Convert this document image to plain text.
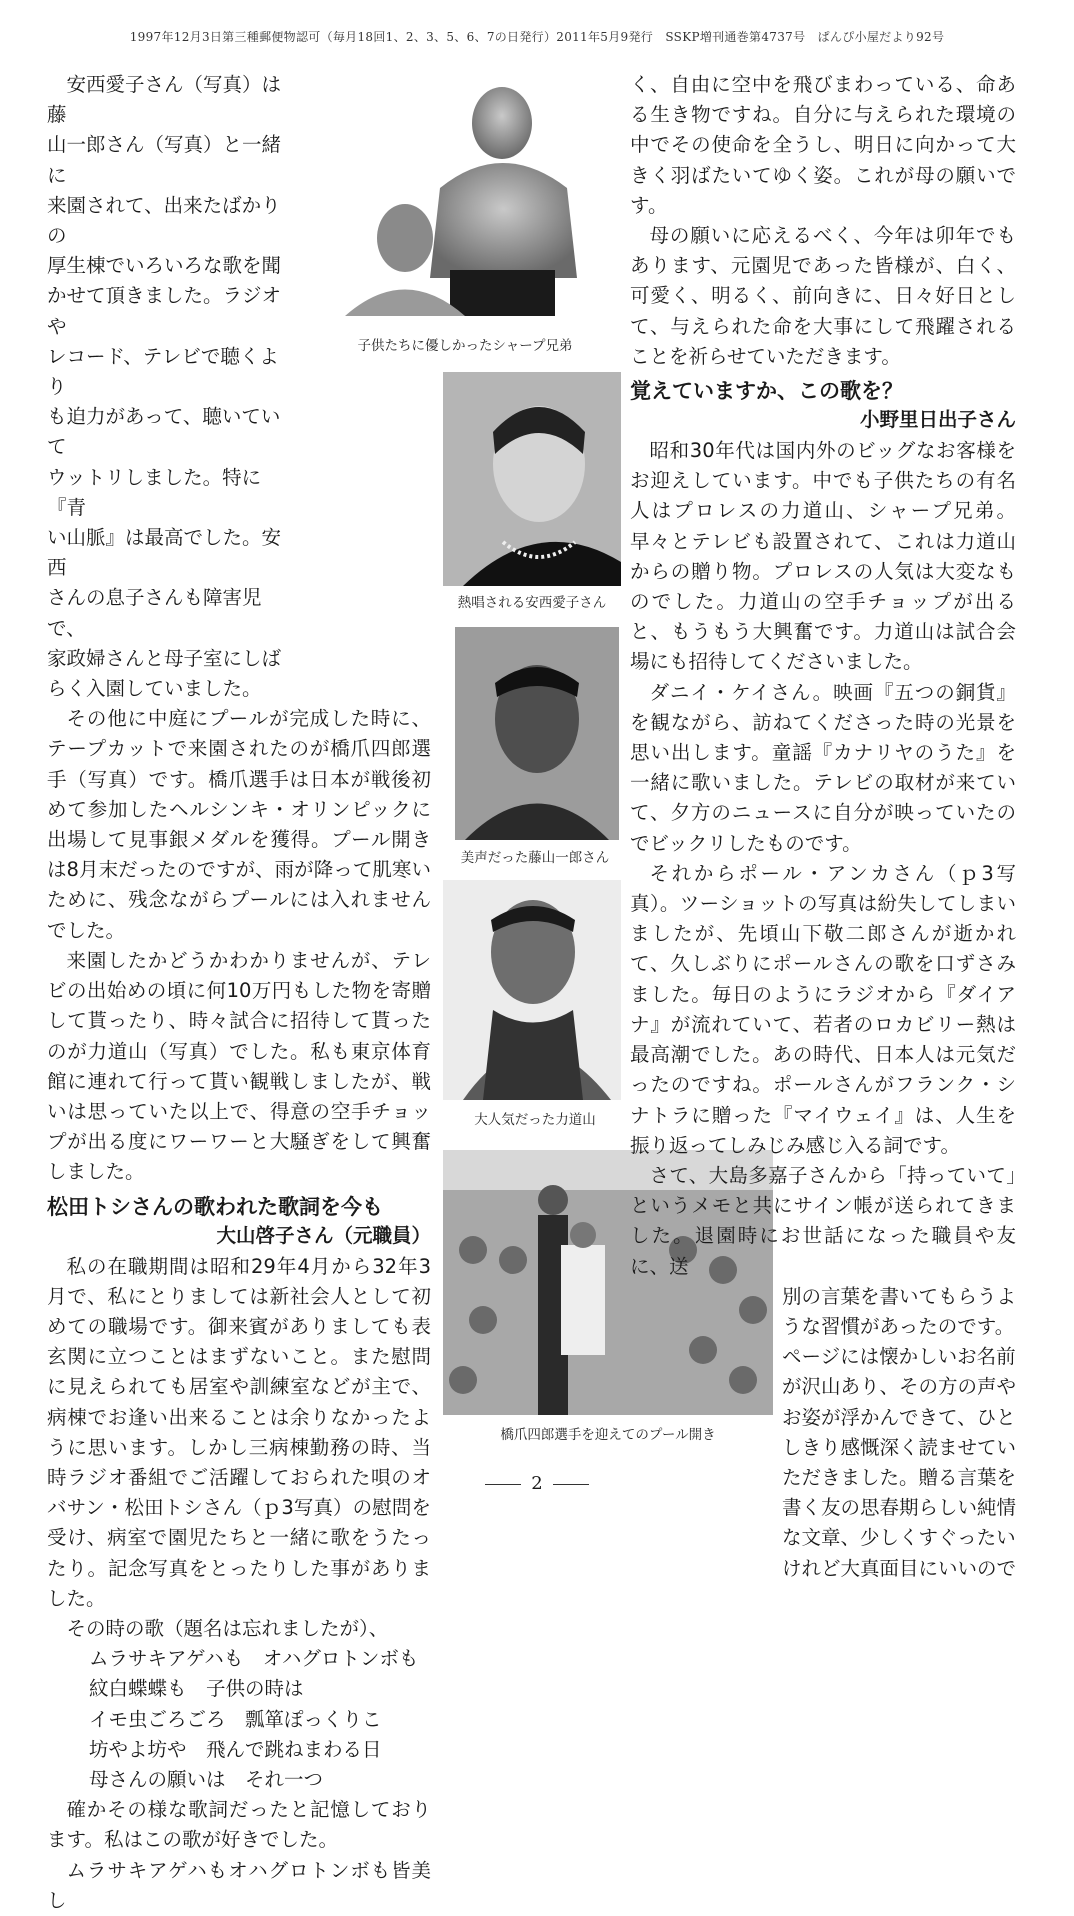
1997年12月3日第三種郵便物認可（毎月18回1、2、3、5、6、7の日発行）2011年5月9発行　SSKP増刊通巻第4737号　ぱんぴ小屋だより92号
安西愛子さん（写真）は藤
山一郎さん（写真）と一緒に
来園されて、出来たばかりの
厚生棟でいろいろな歌を聞
かせて頂きました。ラジオや
レコード、テレビで聴くより
も迫力があって、聴いていて
ウットリしました。特に『青
い山脈』は最高でした。安西
さんの息子さんも障害児で、
家政婦さんと母子室にしば
らく入園していました。

その他に中庭にプールが完成した時に、テープカットで来園されたのが橋爪四郎選手（写真）です。橋爪選手は日本が戦後初めて参加したヘルシンキ・オリンピックに出場して見事銀メダルを獲得。プール開きは8月末だったのですが、雨が降って肌寒いために、残念ながらプールには入れませんでした。

来園したかどうかわかりませんが、テレビの出始めの頃に何10万円もした物を寄贈して貰ったり、時々試合に招待して貰ったのが力道山（写真）でした。私も東京体育館に連れて行って貰い観戦しましたが、戦いは思っていた以上で、得意の空手チョップが出る度にワーワーと大騒ぎをして興奮しました。

松田トシさんの歌われた歌詞を今も
大山啓子さん（元職員）

私の在職期間は昭和29年4月から32年3月で、私にとりましては新社会人として初めての職場です。御来賓がありましても表玄関に立つことはまずないこと。また慰問に見えられても居室や訓練室などが主で、病棟でお逢い出来ることは余りなかったように思います。しかし三病棟勤務の時、当時ラジオ番組でご活躍しておられた唄のオバサン・松田トシさん（ｐ3写真）の慰問を受け、病室で園児たちと一緒に歌をうたったり。記念写真をとったりした事がありました。

その時の歌（題名は忘れましたが）、

ムラサキアゲハも　オハグロトンボも
紋白蝶蝶も　子供の時は
イモ虫ごろごろ　瓢箪ぽっくりこ
坊やよ坊や　飛んで跳ねまわる日
母さんの願いは　それ一つ

確かその様な歌詞だったと記憶しております。私はこの歌が好きでした。

ムラサキアゲハもオハグロトンボも皆美し

子供たちに優しかったシャープ兄弟
熱唱される安西愛子さん
美声だった藤山一郎さん
大人気だった力道山
橋爪四郎選手を迎えてのプール開き

く、自由に空中を飛びまわっている、命ある生き物ですね。自分に与えられた環境の中でその使命を全うし、明日に向かって大きく羽ばたいてゆく姿。これが母の願いです。

母の願いに応えるべく、今年は卯年でもあります、元園児であった皆様が、白く、可愛く、明るく、前向きに、日々好日として、与えられた命を大事にして飛躍されることを祈らせていただきます。

覚えていますか、この歌を？
小野里日出子さん

昭和30年代は国内外のビッグなお客様をお迎えしています。中でも子供たちの有名人はプロレスの力道山、シャープ兄弟。早々とテレビも設置されて、これは力道山からの贈り物。プロレスの人気は大変なものでした。力道山の空手チョップが出ると、もうもう大興奮です。力道山は試合会場にも招待してくださいました。

ダニイ・ケイさん。映画『五つの銅貨』を観ながら、訪ねてくださった時の光景を思い出します。童謡『カナリヤのうた』を一緒に歌いました。テレビの取材が来ていて、夕方のニュースに自分が映っていたのでビックリしたものです。

それからポール・アンカさん（ｐ3写真）。ツーショットの写真は紛失してしまいましたが、先頃山下敬二郎さんが逝かれて、久しぶりにポールさんの歌を口ずさみました。毎日のようにラジオから『ダイアナ』が流れていて、若者のロカビリー熱は最高潮でした。あの時代、日本人は元気だったのですね。ポールさんがフランク・シナトラに贈った『マイウェイ』は、人生を振り返ってしみじみ感じ入る詞です。

さて、大島多嘉子さんから「持っていて」というメモと共にサイン帳が送られてきました。退園時にお世話になった職員や友に、送

別の言葉を書いてもらうよ
うな習慣があったのです。
ページには懐かしいお名前
が沢山あり、その方の声や
お姿が浮かんできて、ひと
しきり感慨深く読ませてい
ただきました。贈る言葉を
書く友の思春期らしい純情
な文章、少しくすぐったい
けれど大真面目にいいので
2
